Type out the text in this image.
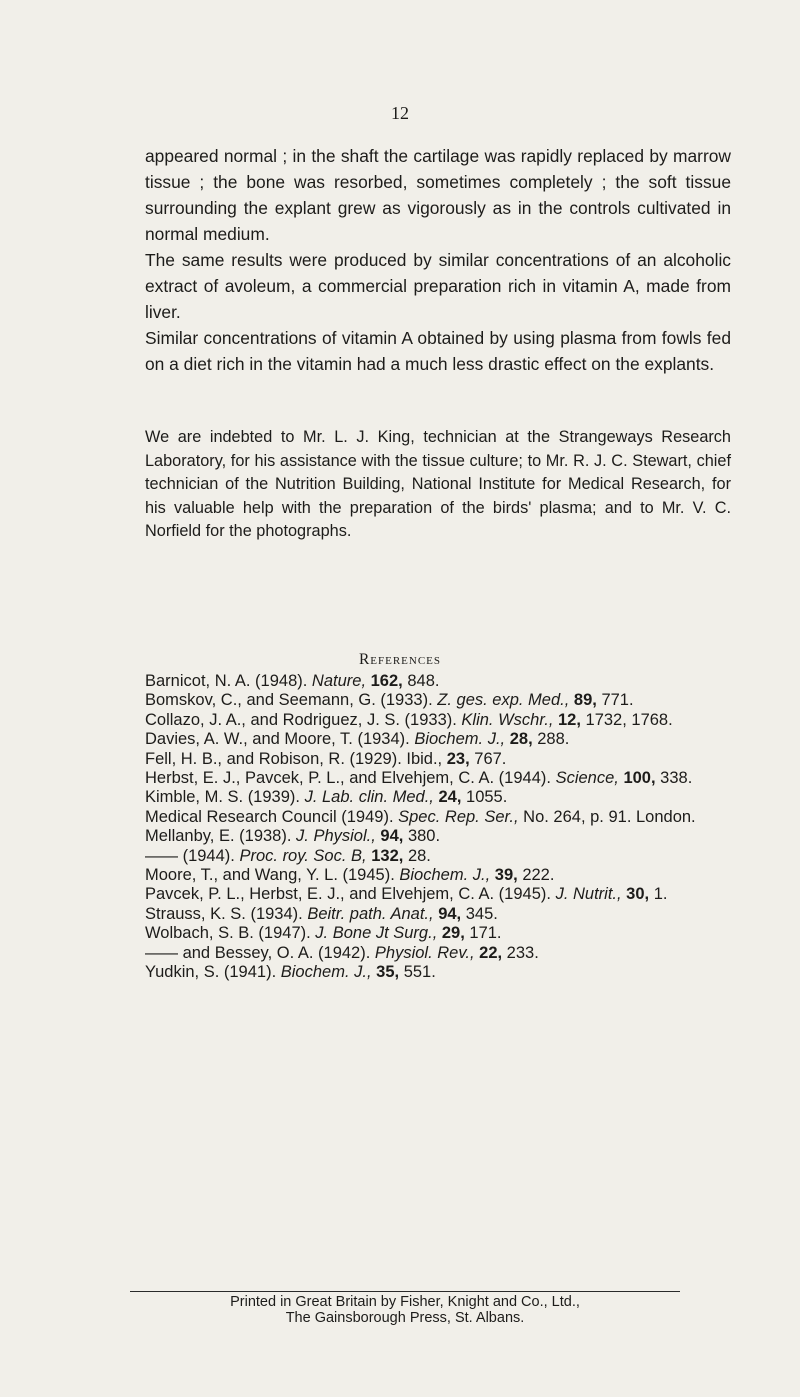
12

appeared normal ; in the shaft the cartilage was rapidly replaced by marrow tissue ; the bone was resorbed, sometimes completely ; the soft tissue surrounding the explant grew as vigorously as in the controls cultivated in normal medium.

The same results were produced by similar concentrations of an alcoholic extract of avoleum, a commercial preparation rich in vitamin A, made from liver.

Similar concentrations of vitamin A obtained by using plasma from fowls fed on a diet rich in the vitamin had a much less drastic effect on the explants.

We are indebted to Mr. L. J. King, technician at the Strangeways Research Laboratory, for his assistance with the tissue culture; to Mr. R. J. C. Stewart, chief technician of the Nutrition Building, National Institute for Medical Research, for his valuable help with the preparation of the birds' plasma; and to Mr. V. C. Norfield for the photographs.

References
Barnicot, N. A. (1948). Nature, 162, 848.
Bomskov, C., and Seemann, G. (1933). Z. ges. exp. Med., 89, 771.
Collazo, J. A., and Rodriguez, J. S. (1933). Klin. Wschr., 12, 1732, 1768.
Davies, A. W., and Moore, T. (1934). Biochem. J., 28, 288.
Fell, H. B., and Robison, R. (1929). Ibid., 23, 767.
Herbst, E. J., Pavcek, P. L., and Elvehjem, C. A. (1944). Science, 100, 338.
Kimble, M. S. (1939). J. Lab. clin. Med., 24, 1055.
Medical Research Council (1949). Spec. Rep. Ser., No. 264, p. 91. London.
Mellanby, E. (1938). J. Physiol., 94, 380.
—— (1944). Proc. roy. Soc. B, 132, 28.
Moore, T., and Wang, Y. L. (1945). Biochem. J., 39, 222.
Pavcek, P. L., Herbst, E. J., and Elvehjem, C. A. (1945). J. Nutrit., 30, 1.
Strauss, K. S. (1934). Beitr. path. Anat., 94, 345.
Wolbach, S. B. (1947). J. Bone Jt Surg., 29, 171.
—— and Bessey, O. A. (1942). Physiol. Rev., 22, 233.
Yudkin, S. (1941). Biochem. J., 35, 551.
Printed in Great Britain by Fisher, Knight and Co., Ltd.,
The Gainsborough Press, St. Albans.
